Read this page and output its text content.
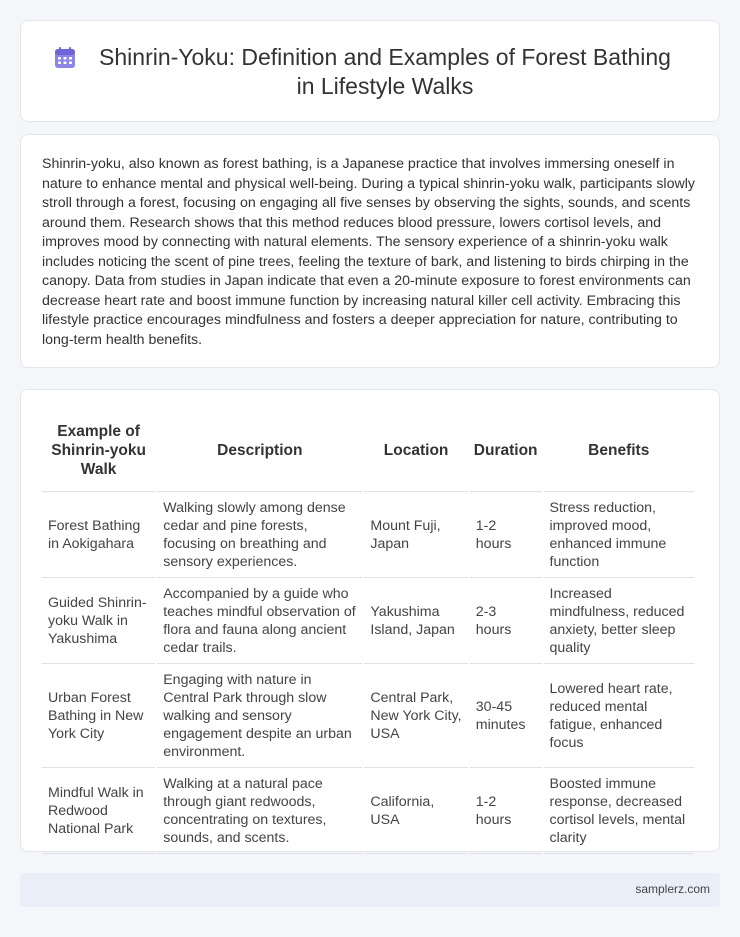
Shinrin-Yoku: Definition and Examples of Forest Bathing in Lifestyle Walks

Shinrin-yoku, also known as forest bathing, is a Japanese practice that involves immersing oneself in nature to enhance mental and physical well-being. During a typical shinrin-yoku walk, participants slowly stroll through a forest, focusing on engaging all five senses by observing the sights, sounds, and scents around them. Research shows that this method reduces blood pressure, lowers cortisol levels, and improves mood by connecting with natural elements. The sensory experience of a shinrin-yoku walk includes noticing the scent of pine trees, feeling the texture of bark, and listening to birds chirping in the canopy. Data from studies in Japan indicate that even a 20-minute exposure to forest environments can decrease heart rate and boost immune function by increasing natural killer cell activity. Embracing this lifestyle practice encourages mindfulness and fosters a deeper appreciation for nature, contributing to long-term health benefits.

Example of Shinrin-yoku Walk	Description	Location	Duration	Benefits
Forest Bathing in Aokigahara	Walking slowly among dense cedar and pine forests, focusing on breathing and sensory experiences.	Mount Fuji, Japan	1-2 hours	Stress reduction, improved mood, enhanced immune function
Guided Shinrin-yoku Walk in Yakushima	Accompanied by a guide who teaches mindful observation of flora and fauna along ancient cedar trails.	Yakushima Island, Japan	2-3 hours	Increased mindfulness, reduced anxiety, better sleep quality
Urban Forest Bathing in New York City	Engaging with nature in Central Park through slow walking and sensory engagement despite an urban environment.	Central Park, New York City, USA	30-45 minutes	Lowered heart rate, reduced mental fatigue, enhanced focus
Mindful Walk in Redwood National Park	Walking at a natural pace through giant redwoods, concentrating on textures, sounds, and scents.	California, USA	1-2 hours	Boosted immune response, decreased cortisol levels, mental clarity
samplerz.com
